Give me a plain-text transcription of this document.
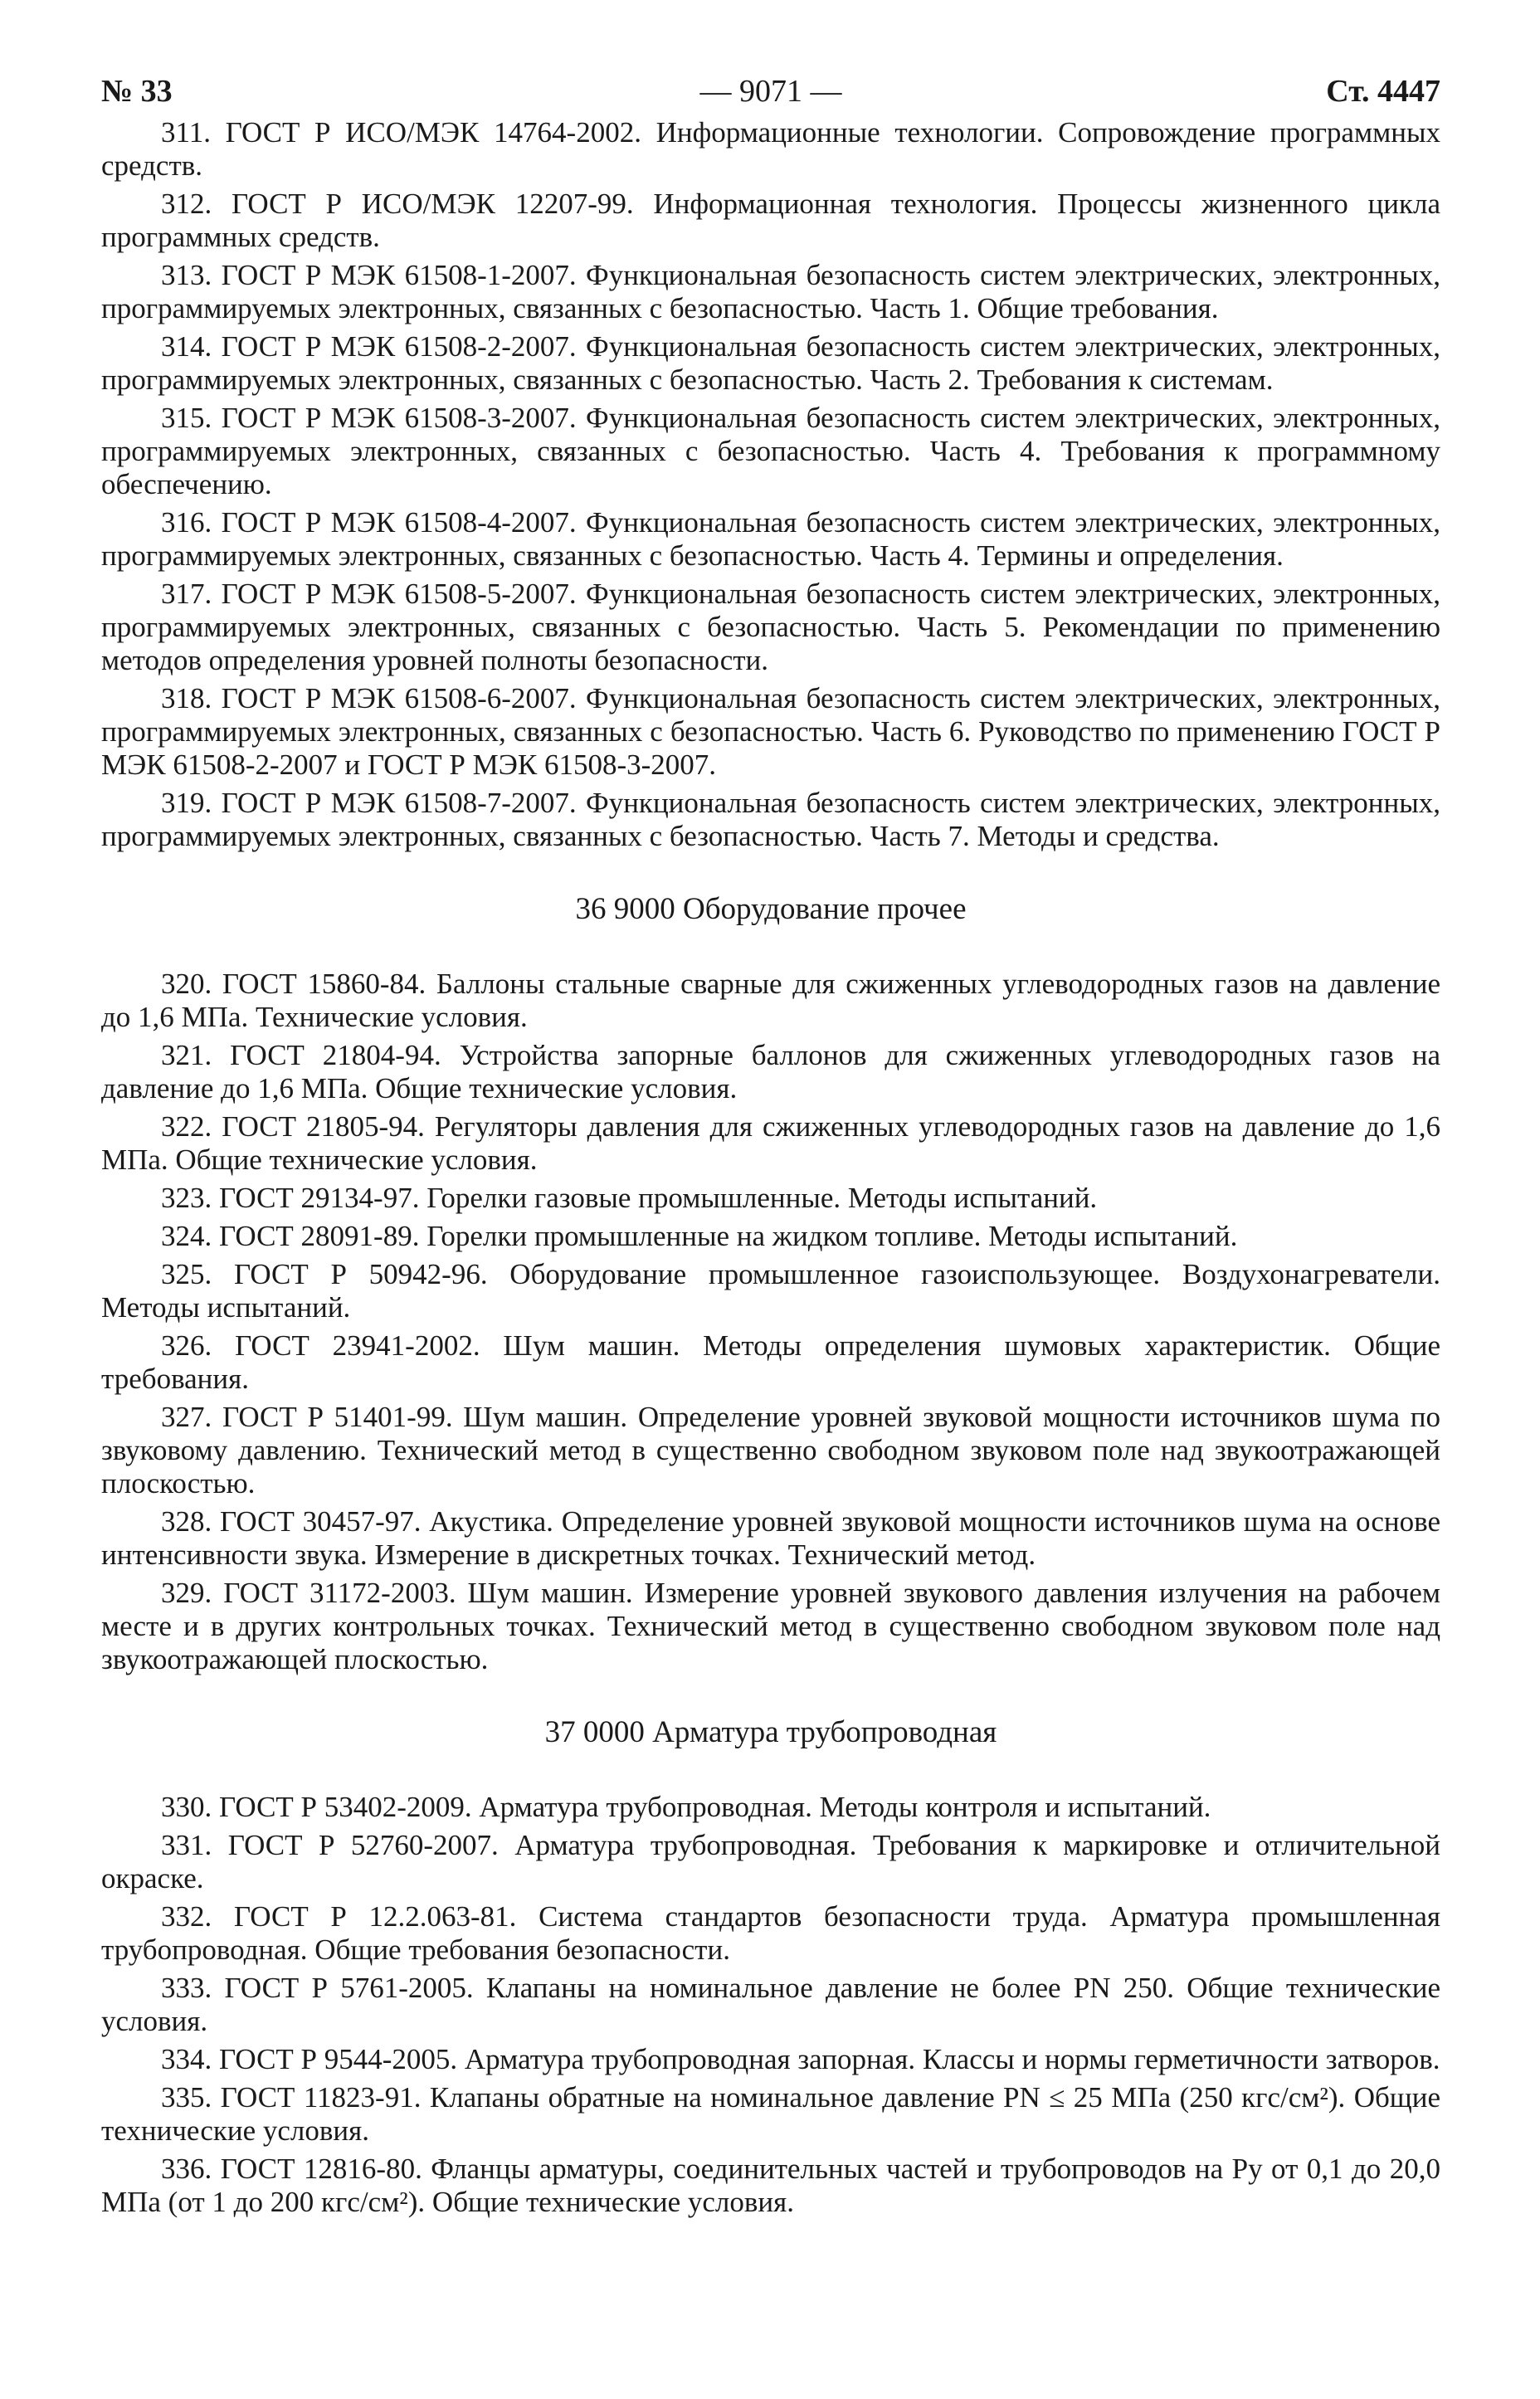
№ 33	— 9071 —	Ст. 4447

311. ГОСТ Р ИСО/МЭК 14764-2002. Информационные технологии. Сопровождение программных средств.

312. ГОСТ Р ИСО/МЭК 12207-99. Информационная технология. Процессы жизненного цикла программных средств.

313. ГОСТ Р МЭК 61508-1-2007. Функциональная безопасность систем электрических, электронных, программируемых электронных, связанных с безопасностью. Часть 1. Общие требования.

314. ГОСТ Р МЭК 61508-2-2007. Функциональная безопасность систем электрических, электронных, программируемых электронных, связанных с безопасностью. Часть 2. Требования к системам.

315. ГОСТ Р МЭК 61508-3-2007. Функциональная безопасность систем электрических, электронных, программируемых электронных, связанных с безопасностью. Часть 4. Требования к программному обеспечению.

316. ГОСТ Р МЭК 61508-4-2007. Функциональная безопасность систем электрических, электронных, программируемых электронных, связанных с безопасностью. Часть 4. Термины и определения.

317. ГОСТ Р МЭК 61508-5-2007. Функциональная безопасность систем электрических, электронных, программируемых электронных, связанных с безопасностью. Часть 5. Рекомендации по применению методов определения уровней полноты безопасности.

318. ГОСТ Р МЭК 61508-6-2007. Функциональная безопасность систем электрических, электронных, программируемых электронных, связанных с безопасностью. Часть 6. Руководство по применению ГОСТ Р МЭК 61508-2-2007 и ГОСТ Р МЭК 61508-3-2007.

319. ГОСТ Р МЭК 61508-7-2007. Функциональная безопасность систем электрических, электронных, программируемых электронных, связанных с безопасностью. Часть 7. Методы и средства.

36 9000 Оборудование прочее

320. ГОСТ 15860-84. Баллоны стальные сварные для сжиженных углеводородных газов на давление до 1,6 МПа. Технические условия.

321. ГОСТ 21804-94. Устройства запорные баллонов для сжиженных углеводородных газов на давление до 1,6 МПа. Общие технические условия.

322. ГОСТ 21805-94. Регуляторы давления для сжиженных углеводородных газов на давление до 1,6 МПа. Общие технические условия.

323. ГОСТ 29134-97. Горелки газовые промышленные. Методы испытаний.

324. ГОСТ 28091-89. Горелки промышленные на жидком топливе. Методы испытаний.

325. ГОСТ Р 50942-96. Оборудование промышленное газоиспользующее. Воздухонагреватели. Методы испытаний.

326. ГОСТ 23941-2002. Шум машин. Методы определения шумовых характеристик. Общие требования.

327. ГОСТ Р 51401-99. Шум машин. Определение уровней звуковой мощности источников шума по звуковому давлению. Технический метод в существенно свободном звуковом поле над звукоотражающей плоскостью.

328. ГОСТ 30457-97. Акустика. Определение уровней звуковой мощности источников шума на основе интенсивности звука. Измерение в дискретных точках. Технический метод.

329. ГОСТ 31172-2003. Шум машин. Измерение уровней звукового давления излучения на рабочем месте и в других контрольных точках. Технический метод в существенно свободном звуковом поле над звукоотражающей плоскостью.

37 0000 Арматура трубопроводная

330. ГОСТ Р 53402-2009. Арматура трубопроводная. Методы контроля и испытаний.

331. ГОСТ Р 52760-2007. Арматура трубопроводная. Требования к маркировке и отличительной окраске.

332. ГОСТ Р 12.2.063-81. Система стандартов безопасности труда. Арматура промышленная трубопроводная. Общие требования безопасности.

333. ГОСТ Р 5761-2005. Клапаны на номинальное давление не более PN 250. Общие технические условия.

334. ГОСТ Р 9544-2005. Арматура трубопроводная запорная. Классы и нормы герметичности затворов.

335. ГОСТ 11823-91. Клапаны обратные на номинальное давление PN ≤ 25 МПа (250 кгс/см²). Общие технические условия.

336. ГОСТ 12816-80. Фланцы арматуры, соединительных частей и трубопроводов на Pу от 0,1 до 20,0 МПа (от 1 до 200 кгс/см²). Общие технические условия.
